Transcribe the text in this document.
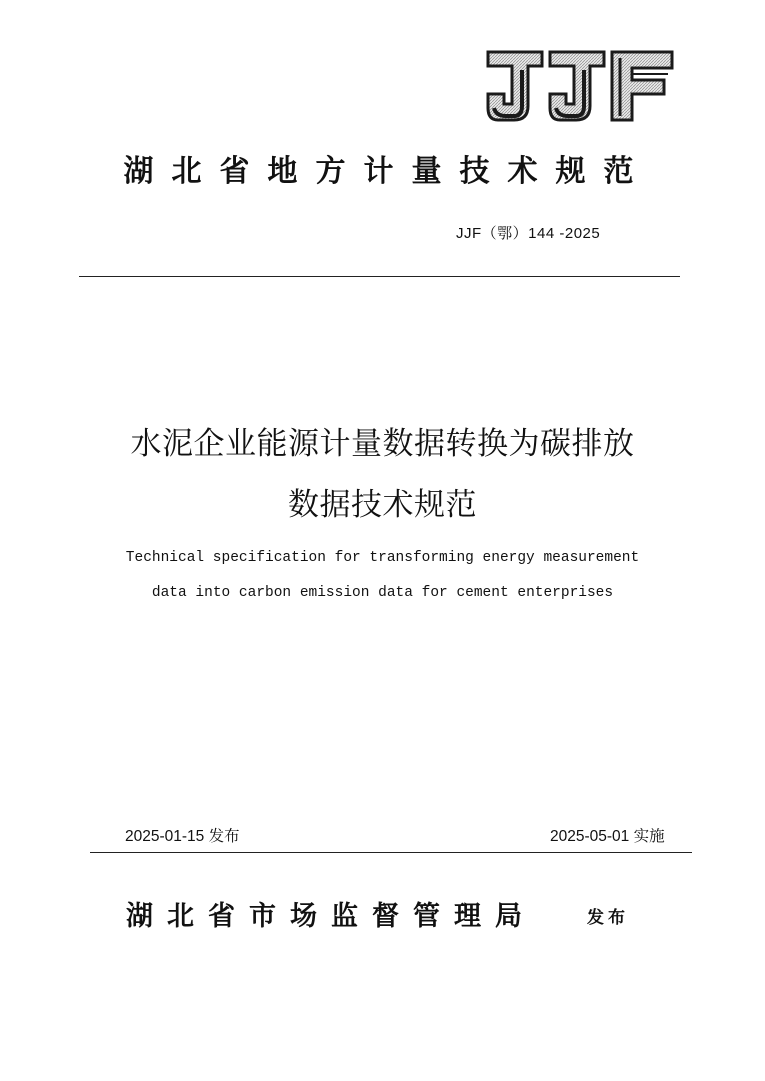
湖北省地方计量技术规范
JJF（鄂）144 -2025
水泥企业能源计量数据转换为碳排放
数据技术规范
Technical specification for transforming energy measurement
data into carbon emission data for cement enterprises
2025-01-15 发布	2025-05-01 实施
湖北省市场监督管理局	发布
